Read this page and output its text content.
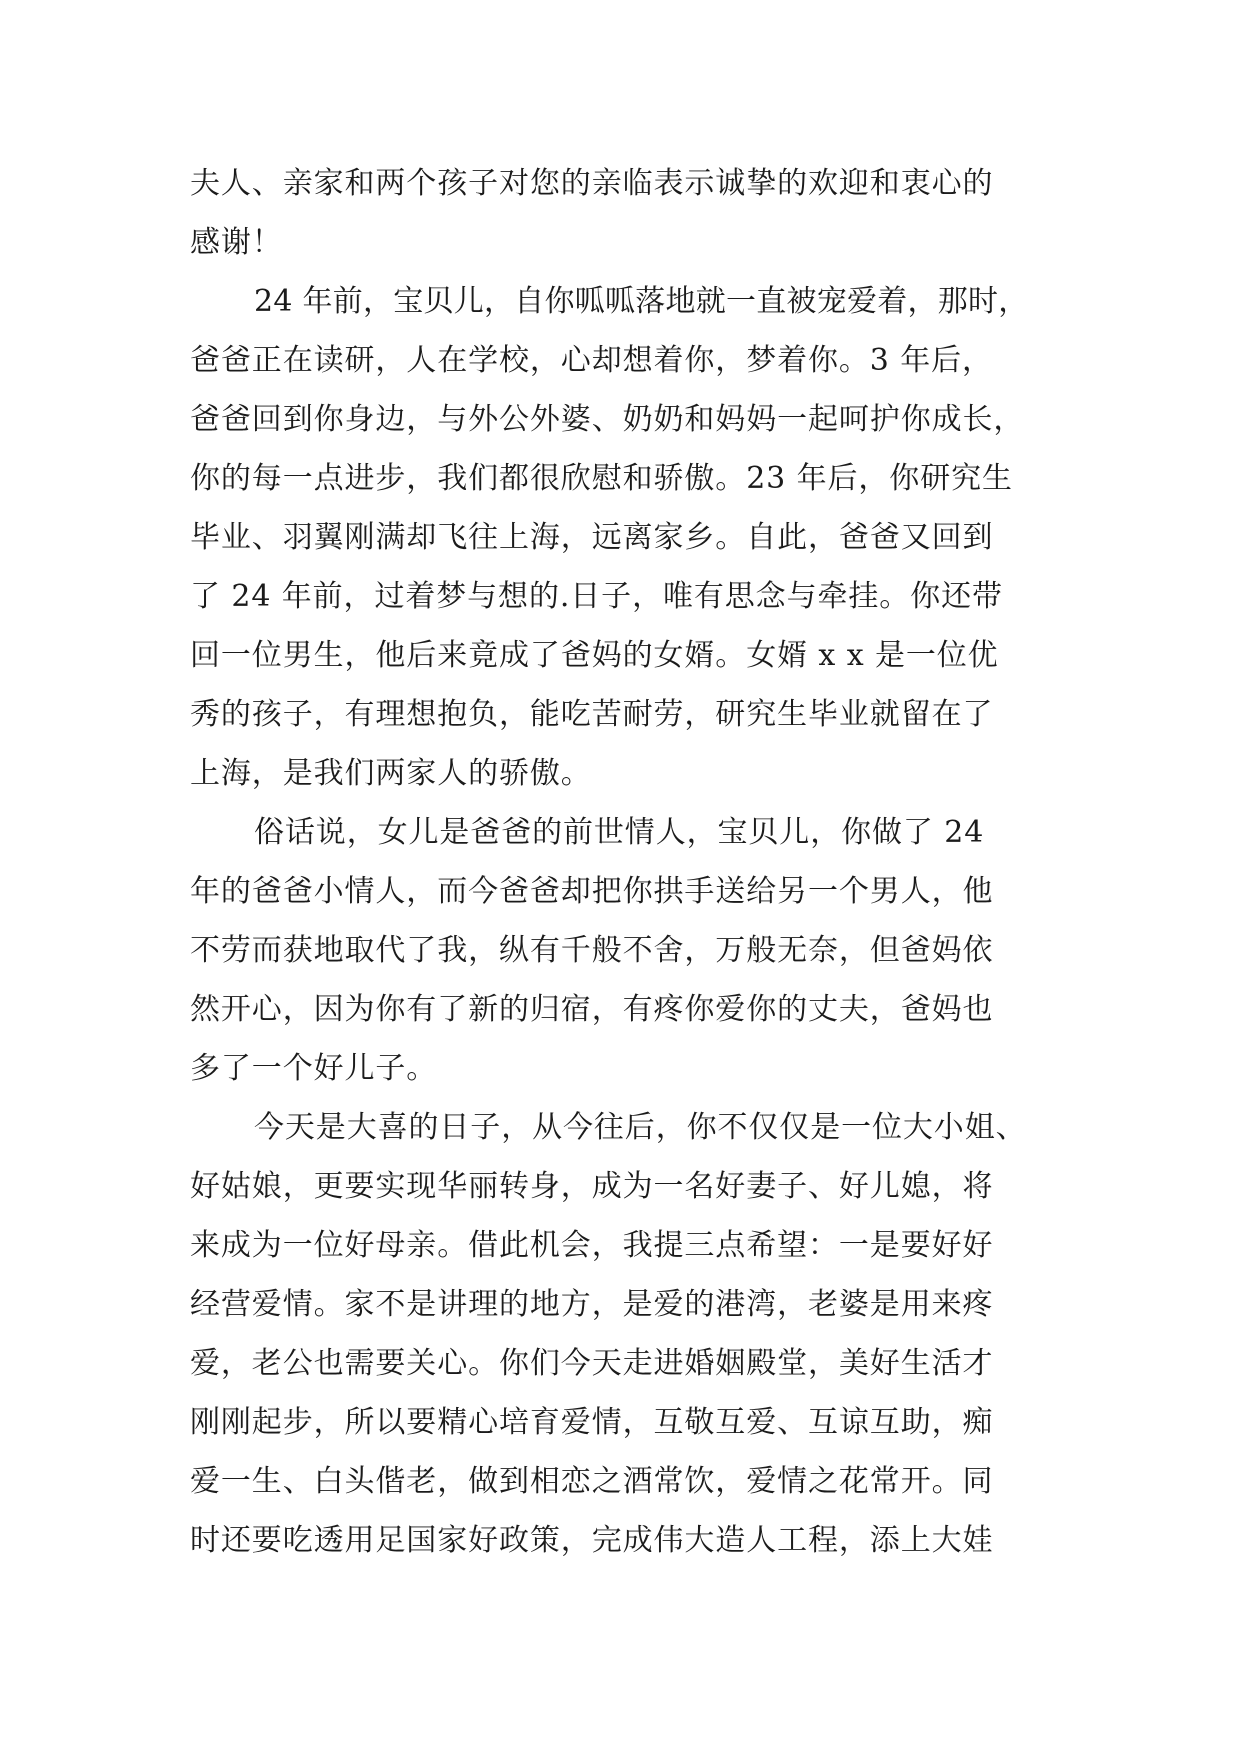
夫人、亲家和两个孩子对您的亲临表示诚挚的欢迎和衷心的
感谢！
24 年前，宝贝儿，自你呱呱落地就一直被宠爱着，那时，
爸爸正在读研，人在学校，心却想着你，梦着你。3 年后，
爸爸回到你身边，与外公外婆、奶奶和妈妈一起呵护你成长，
你的每一点进步，我们都很欣慰和骄傲。23 年后，你研究生
毕业、羽翼刚满却飞往上海，远离家乡。自此，爸爸又回到
了 24 年前，过着梦与想的.日子，唯有思念与牵挂。你还带
回一位男生，他后来竟成了爸妈的女婿。女婿 x x 是一位优
秀的孩子，有理想抱负，能吃苦耐劳，研究生毕业就留在了
上海，是我们两家人的骄傲。
俗话说，女儿是爸爸的前世情人，宝贝儿，你做了 24
年的爸爸小情人，而今爸爸却把你拱手送给另一个男人，他
不劳而获地取代了我，纵有千般不舍，万般无奈，但爸妈依
然开心，因为你有了新的归宿，有疼你爱你的丈夫，爸妈也
多了一个好儿子。
今天是大喜的日子，从今往后，你不仅仅是一位大小姐、
好姑娘，更要实现华丽转身，成为一名好妻子、好儿媳，将
来成为一位好母亲。借此机会，我提三点希望：一是要好好
经营爱情。家不是讲理的地方，是爱的港湾，老婆是用来疼
爱，老公也需要关心。你们今天走进婚姻殿堂，美好生活才
刚刚起步，所以要精心培育爱情，互敬互爱、互谅互助，痴
爱一生、白头偕老，做到相恋之酒常饮，爱情之花常开。同
时还要吃透用足国家好政策，完成伟大造人工程，添上大娃
